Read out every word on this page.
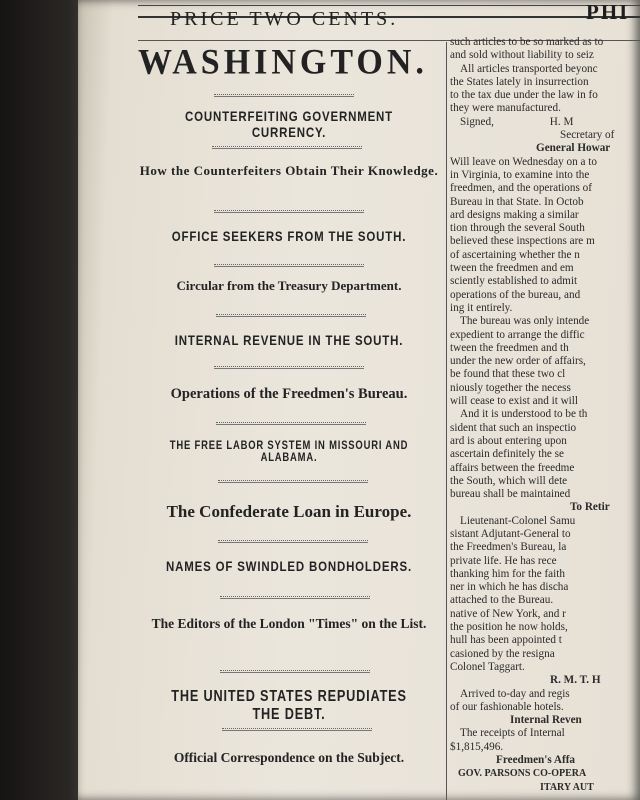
PRICE TWO CENTS.	PHI
WASHINGTON.
COUNTERFEITING GOVERNMENT CURRENCY.
How the Counterfeiters Obtain Their Knowledge.
OFFICE SEEKERS FROM THE SOUTH.
Circular from the Treasury Department.
INTERNAL REVENUE IN THE SOUTH.
Operations of the Freedmen's Bureau.
THE FREE LABOR SYSTEM IN MISSOURI AND ALABAMA.
The Confederate Loan in Europe.
NAMES OF SWINDLED BONDHOLDERS.
The Editors of the London "Times" on the List.
THE UNITED STATES REPUDIATES THE DEBT.
Official Correspondence on the Subject.
such articles to be so marked as to
and sold without liability to seiz
All articles transported beyonc
the States lately in insurrection
to the tax due under the law in fo
they were manufactured.
Signed,                    H. M
Secretary of
General Howar
Will leave on Wednesday on a to
in Virginia, to examine into the
freedmen, and the operations of
Bureau in that State. In Octob
ard designs making a similar
tion through the several South
believed these inspections are m
of ascertaining whether the n
tween the freedmen and em
sciently established to admit
operations of the bureau, and
ing it entirely.
The bureau was only intende
expedient to arrange the diffic
tween the freedmen and th
under the new order of affairs,
be found that these two cl
niously together the necess
will cease to exist and it will
And it is understood to be th
sident that such an inspectio
ard is about entering upon
ascertain definitely the se
affairs between the freedme
the South, which will dete
bureau shall be maintained
To Retir
Lieutenant-Colonel Samu
sistant Adjutant-General to
the Freedmen's Bureau, la
private life. He has rece
thanking him for the faith
ner in which he has discha
attached to the Bureau.
native of New York, and r
the position he now holds,
hull has been appointed t
casioned by the resigna
Colonel Taggart.
R. M. T. H
Arrived to-day and regis
of our fashionable hotels.
Internal Reven
The receipts of Internal
$1,815,496.
Freedmen's Affa
GOV. PARSONS CO-OPERA
ITARY AUT
